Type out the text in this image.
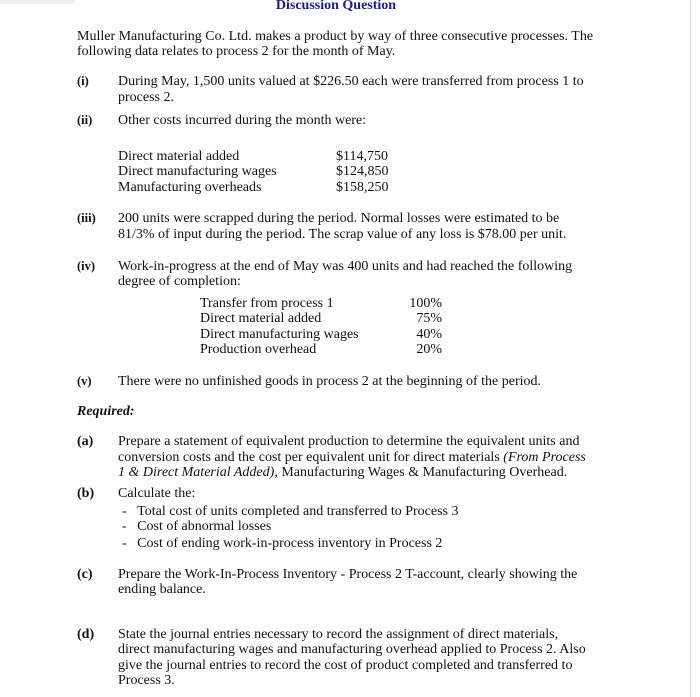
Discussion Question
Muller Manufacturing Co. Ltd. makes a product by way of three consecutive processes. The
following data relates to process 2 for the month of May.
(i) During May, 1,500 units valued at $226.50 each were transferred from process 1 to
process 2.
(ii) Other costs incurred during the month were:
Direct material added	$114,750
Direct manufacturing wages	$124,850
Manufacturing overheads	$158,250
(iii) 200 units were scrapped during the period. Normal losses were estimated to be
81/3% of input during the period. The scrap value of any loss is $78.00 per unit.
(iv) Work-in-progress at the end of May was 400 units and had reached the following
degree of completion:
Transfer from process 1	100%
Direct material added	75%
Direct manufacturing wages	40%
Production overhead	20%
(v) There were no unfinished goods in process 2 at the beginning of the period.
Required:
(a) Prepare a statement of equivalent production to determine the equivalent units and
conversion costs and the cost per equivalent unit for direct materials (From Process
1 & Direct Material Added), Manufacturing Wages & Manufacturing Overhead.
(b) Calculate the:
-   Total cost of units completed and transferred to Process 3
-   Cost of abnormal losses
-   Cost of ending work-in-process inventory in Process 2
(c) Prepare the Work-In-Process Inventory - Process 2 T-account, clearly showing the
ending balance.
(d) State the journal entries necessary to record the assignment of direct materials,
direct manufacturing wages and manufacturing overhead applied to Process 2. Also
give the journal entries to record the cost of product completed and transferred to
Process 3.
